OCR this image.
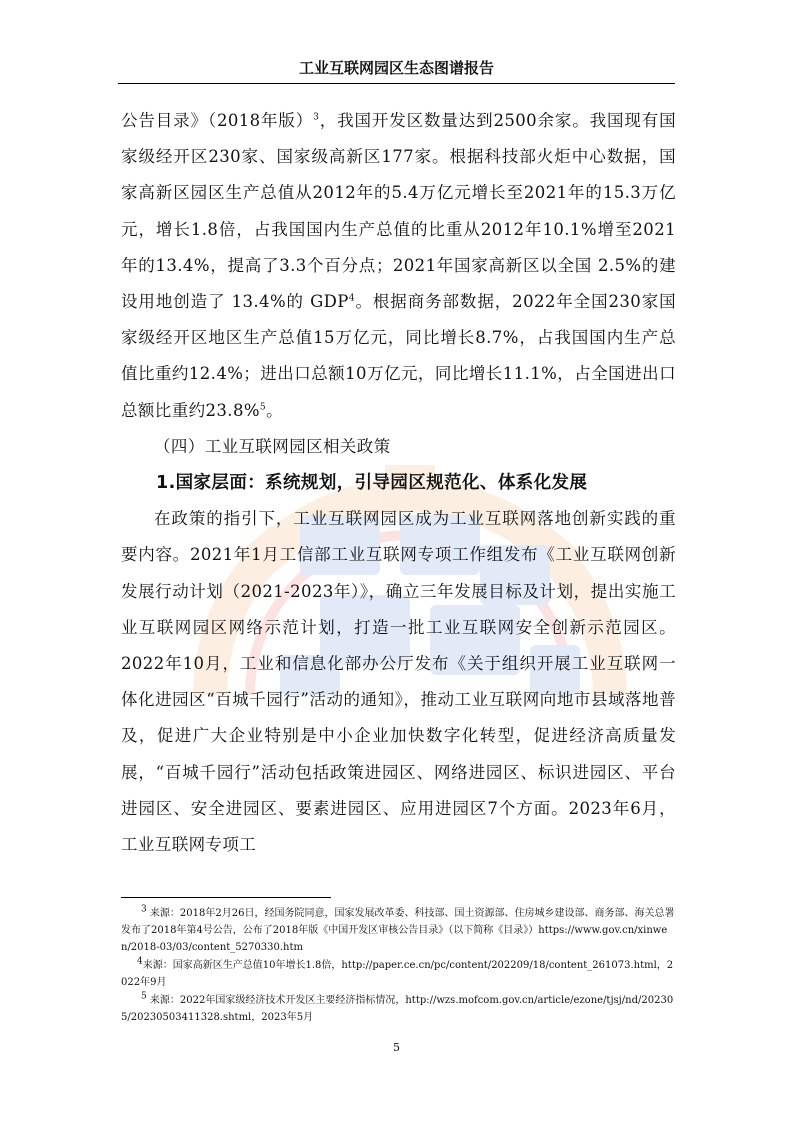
工业互联网园区生态图谱报告

公告目录》（2018年版）$^3$，我国开发区数量达到2500余家。我国现有国家级经开区230家、国家级高新区177家。根据科技部火炬中心数据，国家高新区园区生产总值从2012年的5.4万亿元增长至2021年的15.3万亿元，增长1.8倍，占我国国内生产总值的比重从2012年10.1%增至2021年的13.4%，提高了3.3个百分点；2021年国家高新区以全国 2.5%的建设用地创造了 13.4%的 GDP$^4$。根据商务部数据，2022年全国230家国家级经开区地区生产总值15万亿元，同比增长8.7%，占我国国内生产总值比重约12.4%；进出口总额10万亿元，同比增长11.1%，占全国进出口总额比重约23.8%$^5$。

（四）工业互联网园区相关政策

1.国家层面：系统规划，引导园区规范化、体系化发展

在政策的指引下，工业互联网园区成为工业互联网落地创新实践的重要内容。2021年1月工信部工业互联网专项工作组发布《工业互联网创新发展行动计划（2021-2023年）》，确立三年发展目标及计划，提出实施工业互联网园区网络示范计划，打造一批工业互联网安全创新示范园区。2022年10月，工业和信息化部办公厅发布《关于组织开展工业互联网一体化进园区“百城千园行”活动的通知》，推动工业互联网向地市县域落地普及，促进广大企业特别是中小企业加快数字化转型，促进经济高质量发展，“百城千园行”活动包括政策进园区、网络进园区、标识进园区、平台进园区、安全进园区、要素进园区、应用进园区7个方面。2023年6月，工业互联网专项工

$^3$ 来源：2018年2月26日，经国务院同意，国家发展改革委、科技部、国土资源部、住房城乡建设部、商务部、海关总署发布了2018年第4号公告，公布了2018年版《中国开发区审核公告目录》（以下简称《目录》）https://www.gov.cn/xinwen/2018-03/03/content_5270330.htm

$^4$来源：国家高新区生产总值10年增长1.8倍，http://paper.ce.cn/pc/content/202209/18/content_261073.html，2022年9月

$^5$ 来源：2022年国家级经济技术开发区主要经济指标情况，http://wzs.mofcom.gov.cn/article/ezone/tjsj/nd/202305/20230503411328.shtml，2023年5月

5
